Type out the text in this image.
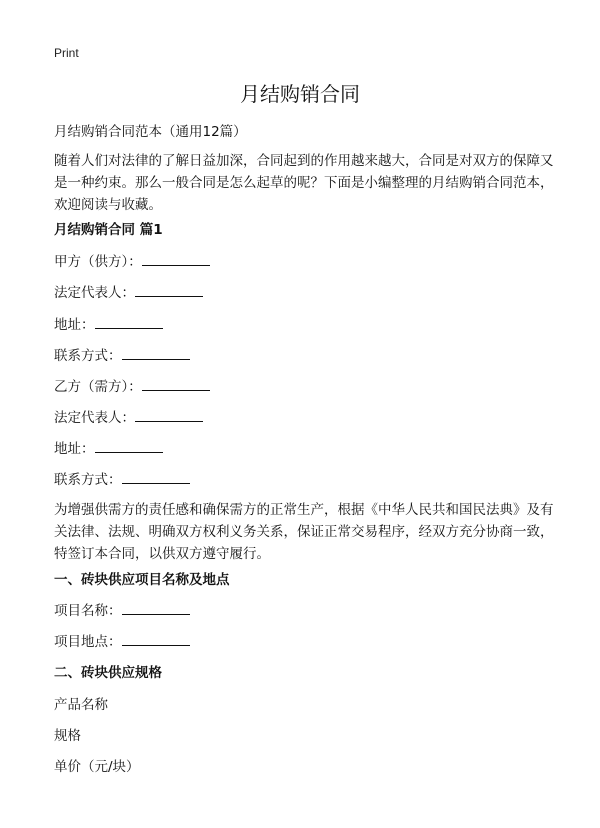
Print
月结购销合同
月结购销合同范本（通用12篇）

随着人们对法律的了解日益加深，合同起到的作用越来越大，合同是对双方的保障又是一种约束。那么一般合同是怎么起草的呢？下面是小编整理的月结购销合同范本，欢迎阅读与收藏。

月结购销合同 篇1
甲方（供方）：
法定代表人：
地址：
联系方式：
乙方（需方）：
法定代表人：
地址：
联系方式：

为增强供需方的责任感和确保需方的正常生产，根据《中华人民共和国民法典》及有关法律、法规、明确双方权利义务关系，保证正常交易程序，经双方充分协商一致，特签订本合同，以供双方遵守履行。

一、砖块供应项目名称及地点
项目名称：
项目地点：
二、砖块供应规格
产品名称
规格
单价（元/块）
